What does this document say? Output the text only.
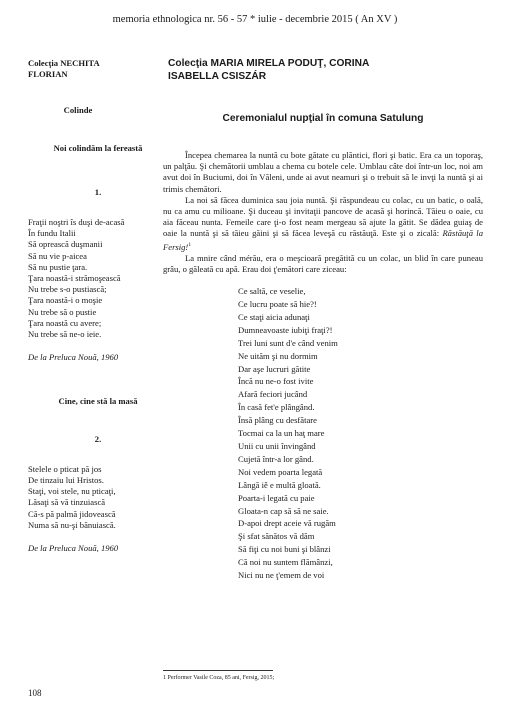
memoria ethnologica nr. 56 - 57 * iulie - decembrie 2015 ( An XV )
Colecţia NECHITA
FLORIAN
Colinde
Noi colindăm la fereastă
1.
Fraţii noştri îs duşi de-acasă
În fundu Italii
Să oprească duşmanii
Să nu vie p-aicea
Să nu pustie ţara.
Ţara noastă-i strămoşească
Nu trebe s-o pustiască;
Ţara noastă-i o moşie
Nu trebe să o pustie
Ţara noastă cu avere;
Nu trebe să ne-o ieie.
De la Preluca Nouă, 1960
Cine, cine stă la masă
2.
Stelele o pticat pă jos
De tinzaiu lui Hristos.
Staţi, voi stele, nu pticaţi,
Lăsaţi să vă tinzuiască
Că-s pă palmă jidovească
Numa să nu-şi bănuiască.
De la Preluca Nouă, 1960
Colecţia MARIA MIRELA PODUŢ, CORINA
ISABELLA CSISZÁR
Ceremonialul nupţial în comuna Satulung

Începea chemarea la nuntă cu bote gătate cu plăntici, flori şi batic. Era ca un toporaş, un palţău. Şi chemătorii umblau a chema cu botele cele. Umblau câte doi într-un loc, noi am avut doi în Buciumi, doi în Văleni, unde ai avut neamuri şi o trebuit să le invţi la nuntă şi ai trimis chemători.

La noi să făcea duminica sau joia nuntă. Şi răspundeau cu colac, cu un batic, o oală, nu ca amu cu milioane. Şi duceau şi invitaţii pancove de acasă şi horincă. Tăieu o oaie, cu aia făceau nunta. Femeile care ţi-o fost neam mergeau să ajute la gătit. Se dădea guiaş de oaie la nuntă şi să tăieu găini şi să făcea leveşă cu răstăuţă. Este şi o zicală: Răstăuţă la Fersig!$^1$

La mnire când mérău, era o meşcioară pregătită cu un colac, un blid în care puneau grâu, o găleată cu apă. Erau doi ţ'emători care ziceau:

Ce saltă, ce veselie,
Ce lucru poate să hie?!
Ce staţi aicia adunaţi
Dumneavoaste iubiţi fraţi?!
Trei luni sunt d'e când venim
Ne uităm şi nu dormim
Dar aşe lucruri gătite
Încă nu ne-o fost ivite
Afară feciori jucând
În casă fet'e plângând.
Însă plâng cu desfătare
Tocmai ca la un haţ mare
Unii cu unii învingând
Cujetă într-a lor gând.
Noi vedem poarta legată
Lângă iě e multă gloată.
Poarta-i legată cu paie
Gloata-n cap să să ne saie.
D-apoi drept aceie vă rugăm
Şi sfat sănătos vă dăm
Să fiţi cu noi buni şi blânzi
Că noi nu suntem flămânzi,
Nici nu ne ţ'emem de voi
1 Performer Vasile Coza, 85 ani, Fersig, 2015;
108
